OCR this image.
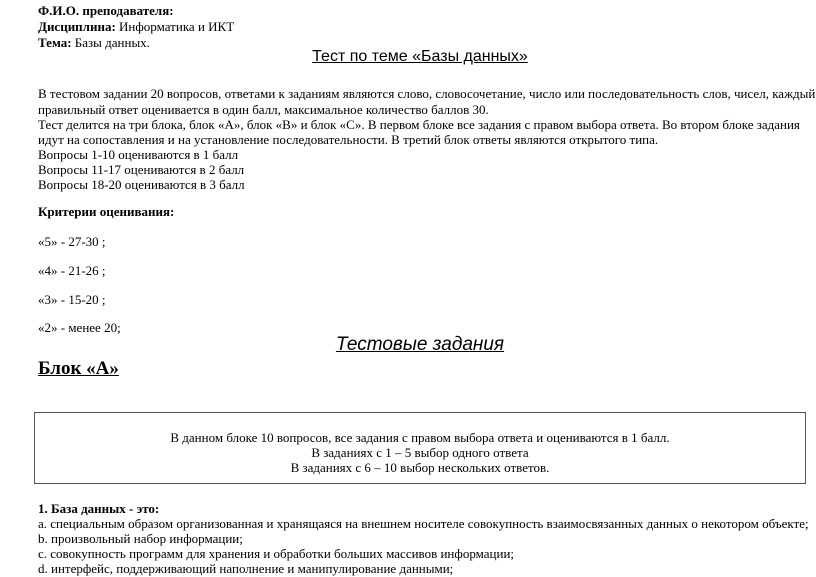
Ф.И.О. преподавателя:
Дисциплина: Информатика и ИКТ
Тема: Базы данных.
Тест по теме «Базы данных»
В тестовом задании 20 вопросов, ответами к заданиям являются слово, словосочетание, число или последовательность слов, чисел, каждый
правильный ответ оценивается в один балл, максимальное количество баллов 30.
Тест делится на три блока, блок «А», блок «В» и блок «С». В первом блоке все задания с правом выбора ответа. Во втором блоке задания
идут на сопоставления и на установление последовательности. В третий блок ответы являются открытого типа.
Вопросы 1-10 оцениваются в 1 балл
Вопросы 11-17 оцениваются в 2 балл
Вопросы 18-20 оцениваются в 3 балл
Критерии оценивания:
«5» - 27-30 ;
«4» - 21-26 ;
«3» - 15-20 ;
«2» - менее 20;
Тестовые задания
Блок «А»
В данном блоке 10 вопросов, все задания с правом выбора ответа и оцениваются в 1 балл.
В заданиях с 1 – 5 выбор одного ответа
В заданиях с 6 – 10 выбор нескольких ответов.
1. База данных - это:
a. специальным образом организованная и хранящаяся на внешнем носителе совокупность взаимосвязанных данных о некотором объекте;
b. произвольный набор информации;
c. совокупность программ для хранения и обработки больших массивов информации;
d. интерфейс, поддерживающий наполнение и манипулирование данными;
